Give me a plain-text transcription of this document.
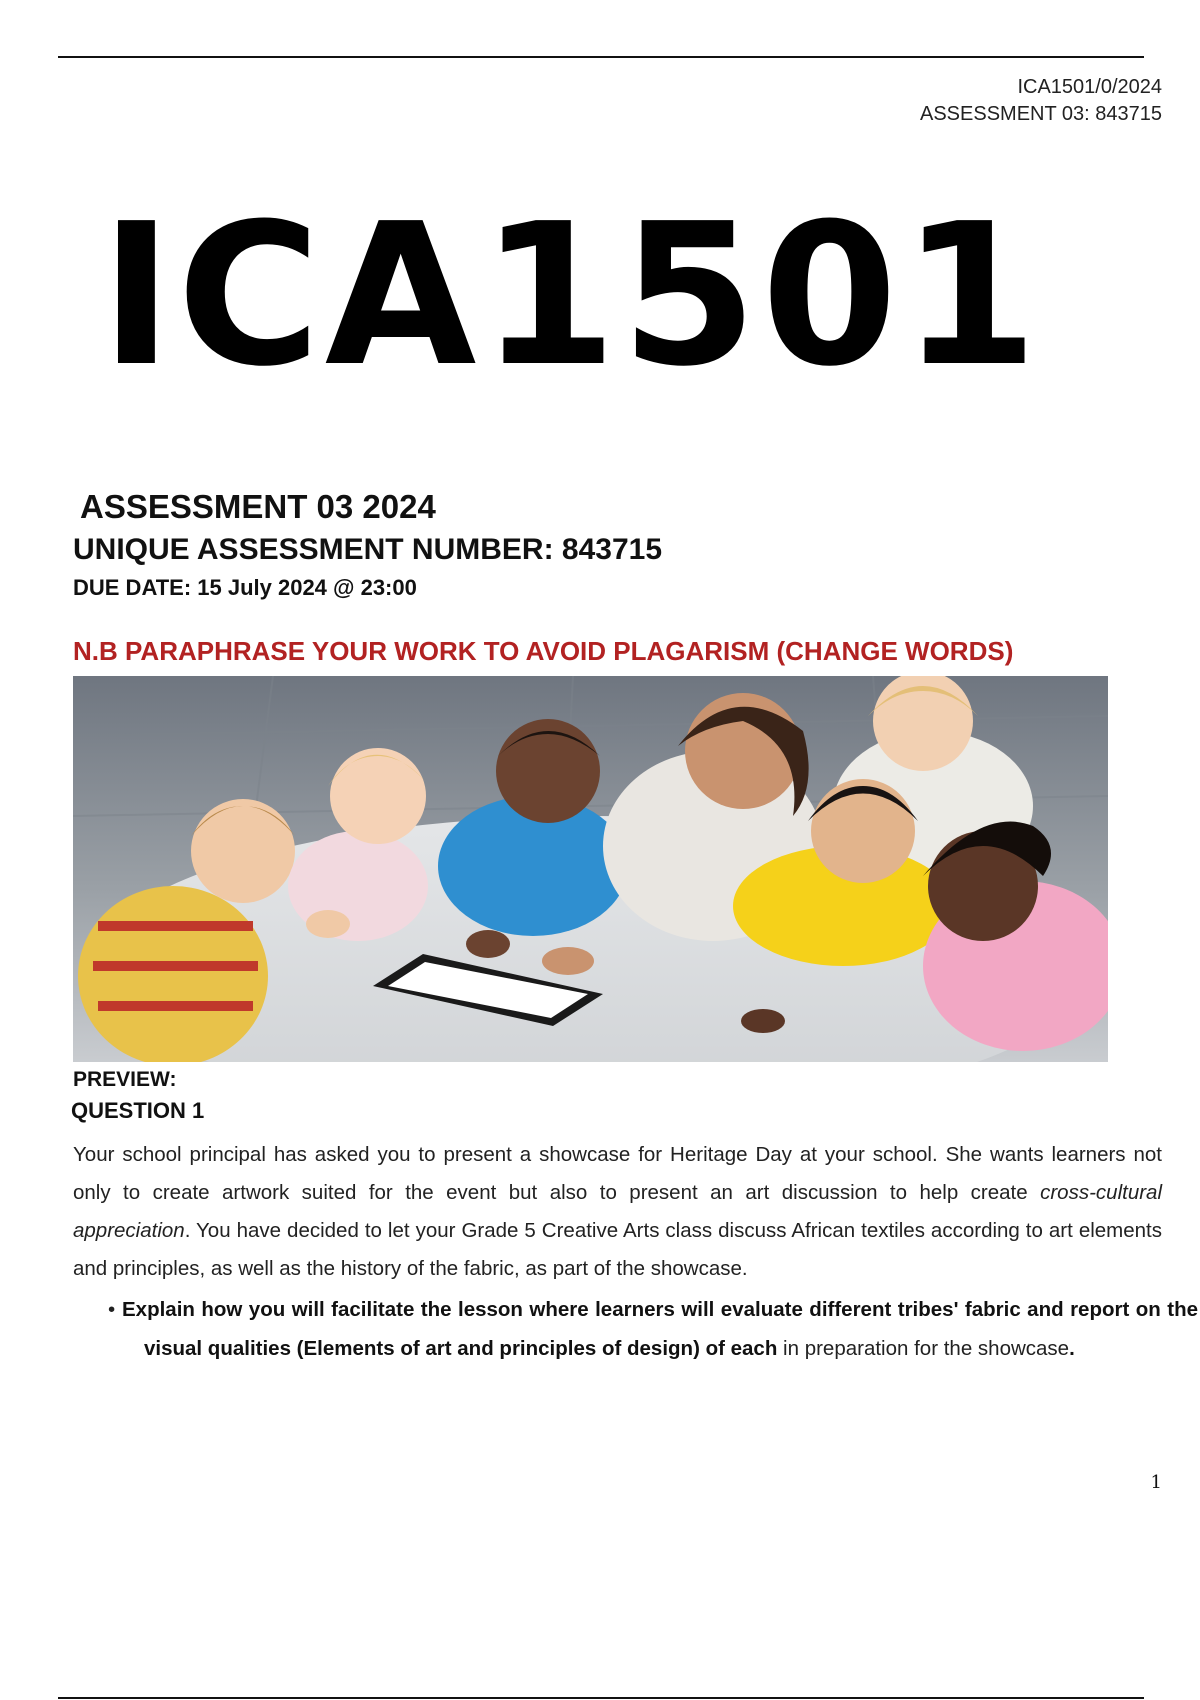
ICA1501/0/2024
ASSESSMENT 03: 843715
ICA1501
ASSESSMENT 03 2024
UNIQUE ASSESSMENT NUMBER: 843715
DUE DATE: 15 July 2024 @ 23:00
N.B PARAPHRASE YOUR WORK TO AVOID PLAGARISM (CHANGE WORDS)
PREVIEW:
QUESTION 1

Your school principal has asked you to present a showcase for Heritage Day at your school. She wants learners not only to create artwork suited for the event but also to present an art discussion to help create cross-cultural appreciation. You have decided to let your Grade 5 Creative Arts class discuss African textiles according to art elements and principles, as well as the history of the fabric, as part of the showcase.

• Explain how you will facilitate the lesson where learners will evaluate different tribes' fabric and report on the visual qualities (Elements of art and principles of design) of each in preparation for the showcase.

1
